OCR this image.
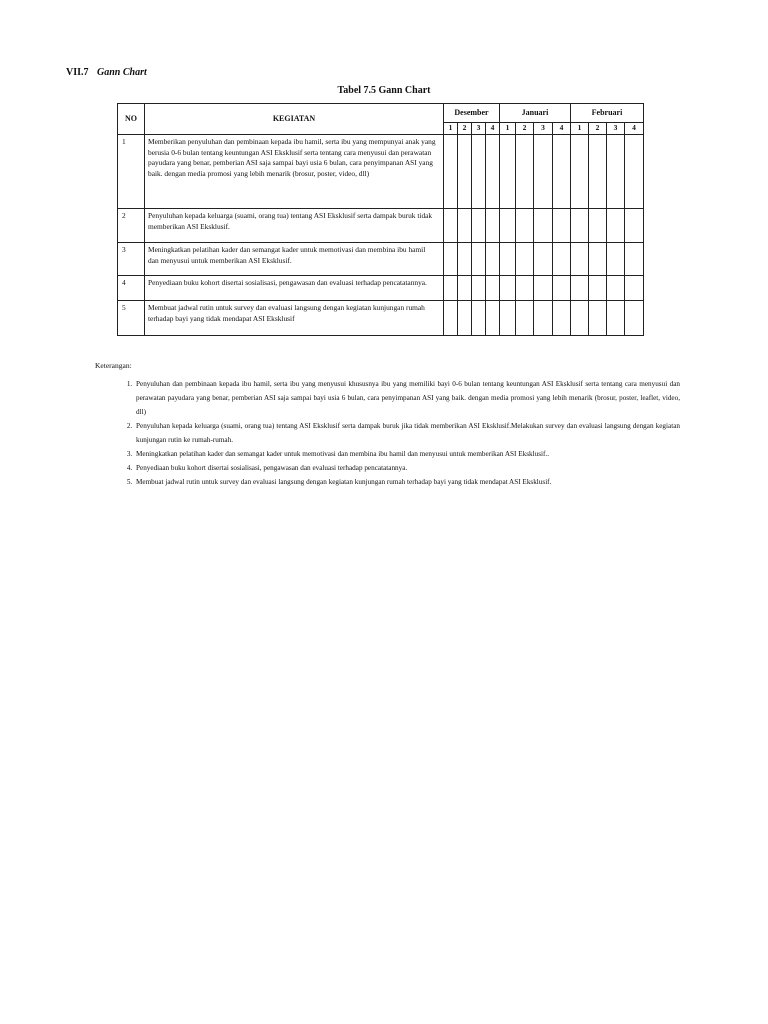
VII.7 Gann Chart
Tabel 7.5 Gann Chart
NO	KEGIATAN	Desember				Januari				Februari			
		1	2	3	4	1	2	3	4	1	2	3	4
1	Memberikan penyuluhan dan pembinaan kepada ibu hamil, serta ibu yang mempunyai anak yang berusia 0-6 bulan tentang keuntungan ASI Eksklusif serta tentang cara menyusui dan perawatan payudara yang benar, pemberian ASI saja sampai bayi usia 6 bulan, cara penyimpanan ASI yang baik. dengan media promosi yang lebih menarik (brosur, poster, video, dll)												
2	Penyuluhan kepada keluarga (suami, orang tua) tentang ASI Eksklusif serta dampak buruk tidak memberikan ASI Eksklusif.												
3	Meningkatkan pelatihan kader dan semangat kader untuk memotivasi dan membina ibu hamil dan menyusui untuk memberikan ASI Eksklusif.												
4	Penyediaan buku kohort disertai sosialisasi, pengawasan dan evaluasi terhadap pencatatannya.												
5	Membuat jadwal rutin untuk survey dan evaluasi langsung dengan kegiatan kunjungan rumah terhadap bayi yang tidak mendapat ASI Eksklusif												
Keterangan:
1. Penyuluhan dan pembinaan kepada ibu hamil, serta ibu yang menyusui khususnya ibu yang memiliki bayi 0-6 bulan tentang keuntungan ASI Eksklusif serta tentang cara menyusui dan perawatan payudara yang benar, pemberian ASI saja sampai bayi usia 6 bulan, cara penyimpanan ASI yang baik. dengan media promosi yang lebih menarik (brosur, poster, leaflet, video, dll)
2. Penyuluhan kepada keluarga (suami, orang tua) tentang ASI Eksklusif serta dampak buruk jika tidak memberikan ASI Eksklusif.Melakukan survey dan evaluasi langsung dengan kegiatan kunjungan rutin ke rumah-rumah.
3. Meningkatkan pelatihan kader dan semangat kader untuk memotivasi dan membina ibu hamil dan menyusui untuk memberikan ASI Eksklusif..
4. Penyediaan buku kohort disertai sosialisasi, pengawasan dan evaluasi terhadap pencatatannya.
5. Membuat jadwal rutin untuk survey dan evaluasi langsung dengan kegiatan kunjungan rumah terhadap bayi yang tidak mendapat ASI Eksklusif.
